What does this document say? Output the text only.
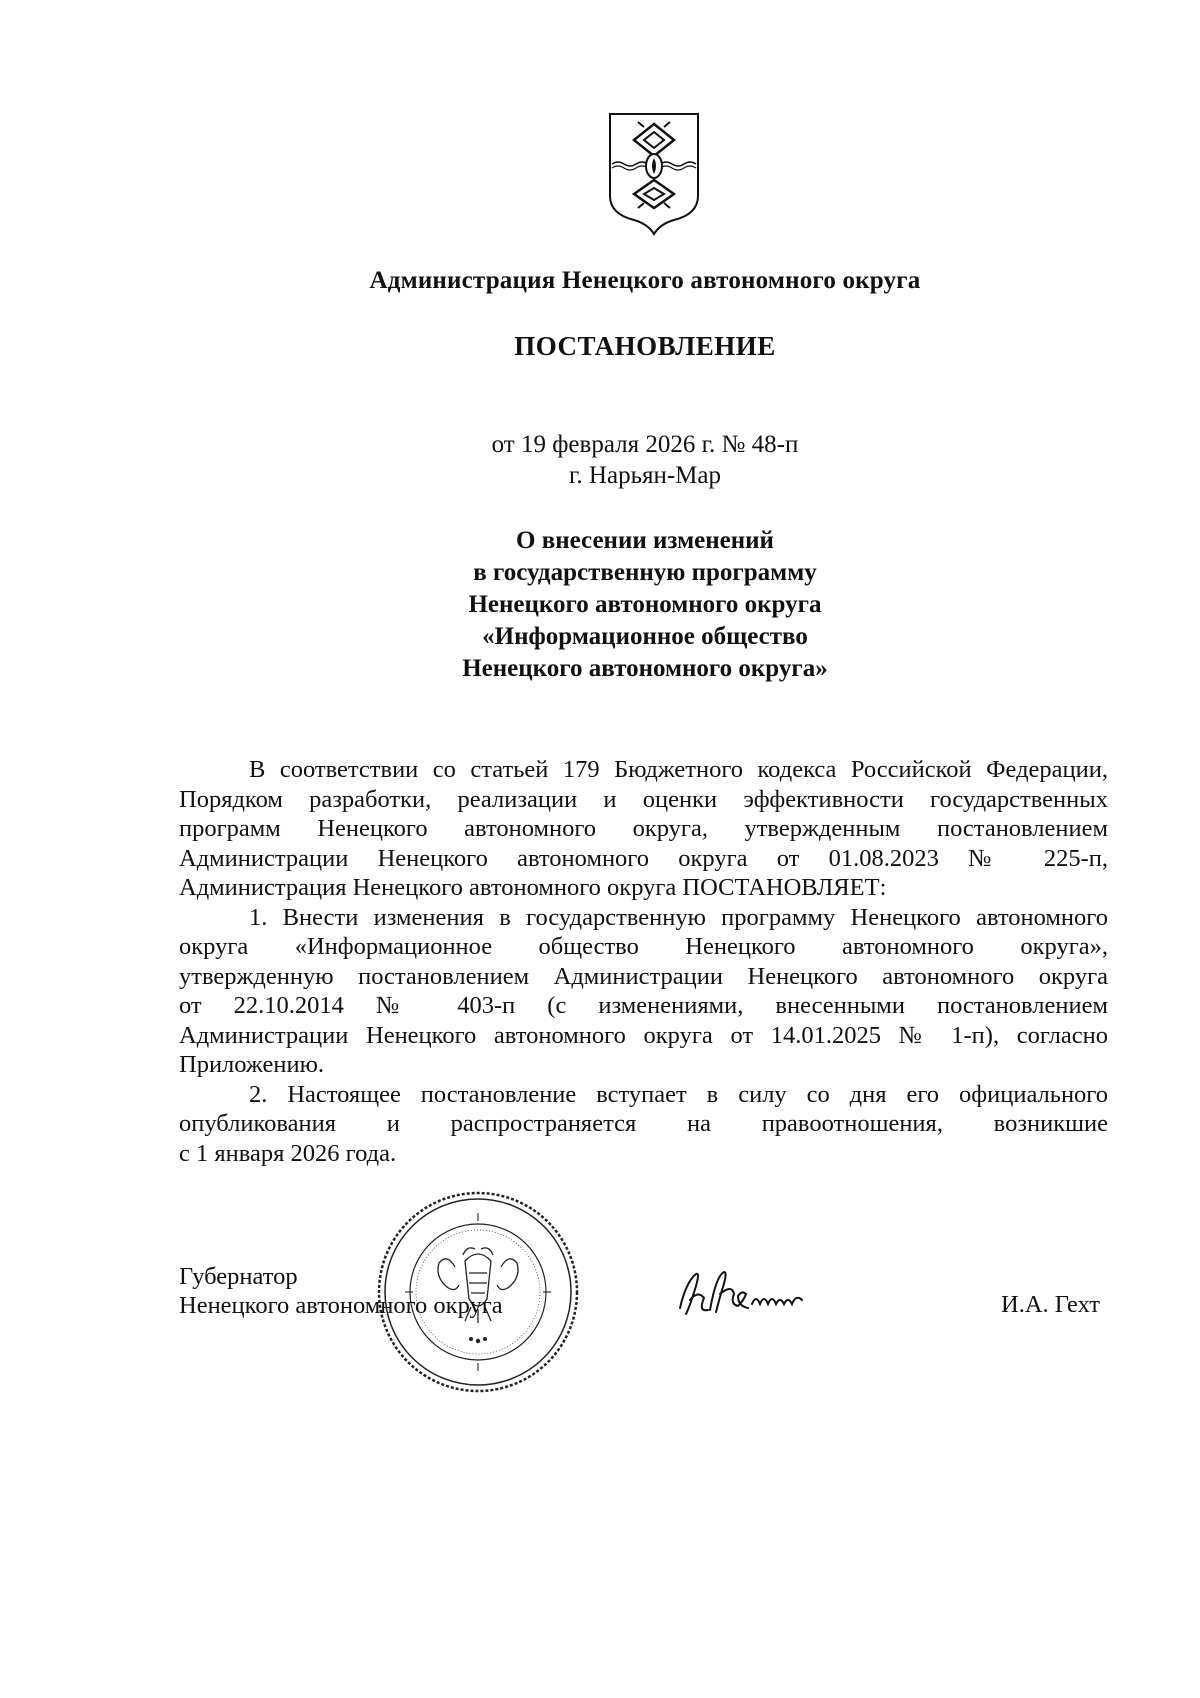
Администрация Ненецкого автономного округа
ПОСТАНОВЛЕНИЕ
от 19 февраля 2026 г. № 48-п
г. Нарьян-Мар
О внесении изменений
в государственную программу
Ненецкого автономного округа
«Информационное общество
Ненецкого автономного округа»
В соответствии со статьей 179 Бюджетного кодекса Российской Федерации,
Порядком разработки, реализации и оценки эффективности государственных
программ Ненецкого автономного округа, утвержденным постановлением
Администрации Ненецкого автономного округа от 01.08.2023 № 225-п,
Администрация Ненецкого автономного округа ПОСТАНОВЛЯЕТ:
1. Внести изменения в государственную программу Ненецкого автономного
округа «Информационное общество Ненецкого автономного округа»,
утвержденную постановлением Администрации Ненецкого автономного округа
от 22.10.2014 № 403-п (с изменениями, внесенными постановлением
Администрации Ненецкого автономного округа от 14.01.2025 № 1-п), согласно
Приложению.
2. Настоящее постановление вступает в силу со дня его официального
опубликования и распространяется на правоотношения, возникшие
с 1 января 2026 года.
Губернатор
Ненецкого автономного округа	И.А. Гехт
